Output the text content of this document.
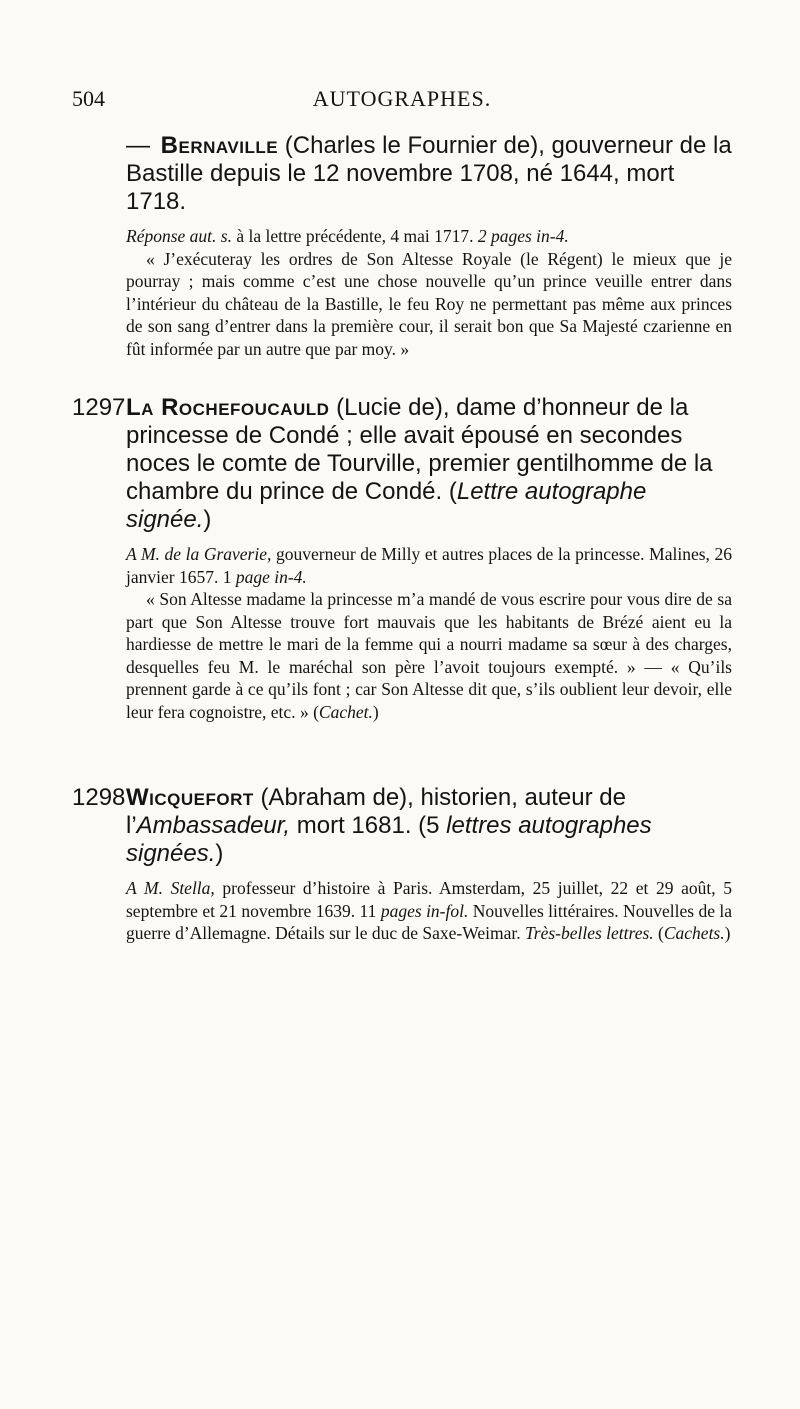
504	AUTOGRAPHES.

— Bernaville (Charles le Fournier de), gouverneur de la Bastille depuis le 12 novembre 1708, né 1644, mort 1718.

Réponse aut. s. à la lettre précédente, 4 mai 1717. 2 pages in-4.

« J’exécuteray les ordres de Son Altesse Royale (le Régent) le mieux que je pourray ; mais comme c’est une chose nouvelle qu’un prince veuille entrer dans l’intérieur du château de la Bastille, le feu Roy ne permettant pas même aux princes de son sang d’entrer dans la première cour, il serait bon que Sa Majesté czarienne en fût informée par un autre que par moy. »

1297 La Rochefoucauld (Lucie de), dame d’honneur de la princesse de Condé ; elle avait épousé en secondes noces le comte de Tourville, premier gentilhomme de la chambre du prince de Condé. (Lettre autographe signée.)

A M. de la Graverie, gouverneur de Milly et autres places de la princesse. Malines, 26 janvier 1657. 1 page in-4.

« Son Altesse madame la princesse m’a mandé de vous escrire pour vous dire de sa part que Son Altesse trouve fort mauvais que les habitants de Brézé aient eu la hardiesse de mettre le mari de la femme qui a nourri madame sa sœur à des charges, desquelles feu M. le maréchal son père l’avoit toujours exempté. » — « Qu’ils prennent garde à ce qu’ils font ; car Son Altesse dit que, s’ils oublient leur devoir, elle leur fera cognoistre, etc. » (Cachet.)

1298 Wicquefort (Abraham de), historien, auteur de l’Ambassadeur, mort 1681. (5 lettres autographes signées.)

A M. Stella, professeur d’histoire à Paris. Amsterdam, 25 juillet, 22 et 29 août, 5 septembre et 21 novembre 1639. 11 pages in-fol. Nouvelles littéraires. Nouvelles de la guerre d’Allemagne. Détails sur le duc de Saxe-Weimar. Très-belles lettres. (Cachets.)
